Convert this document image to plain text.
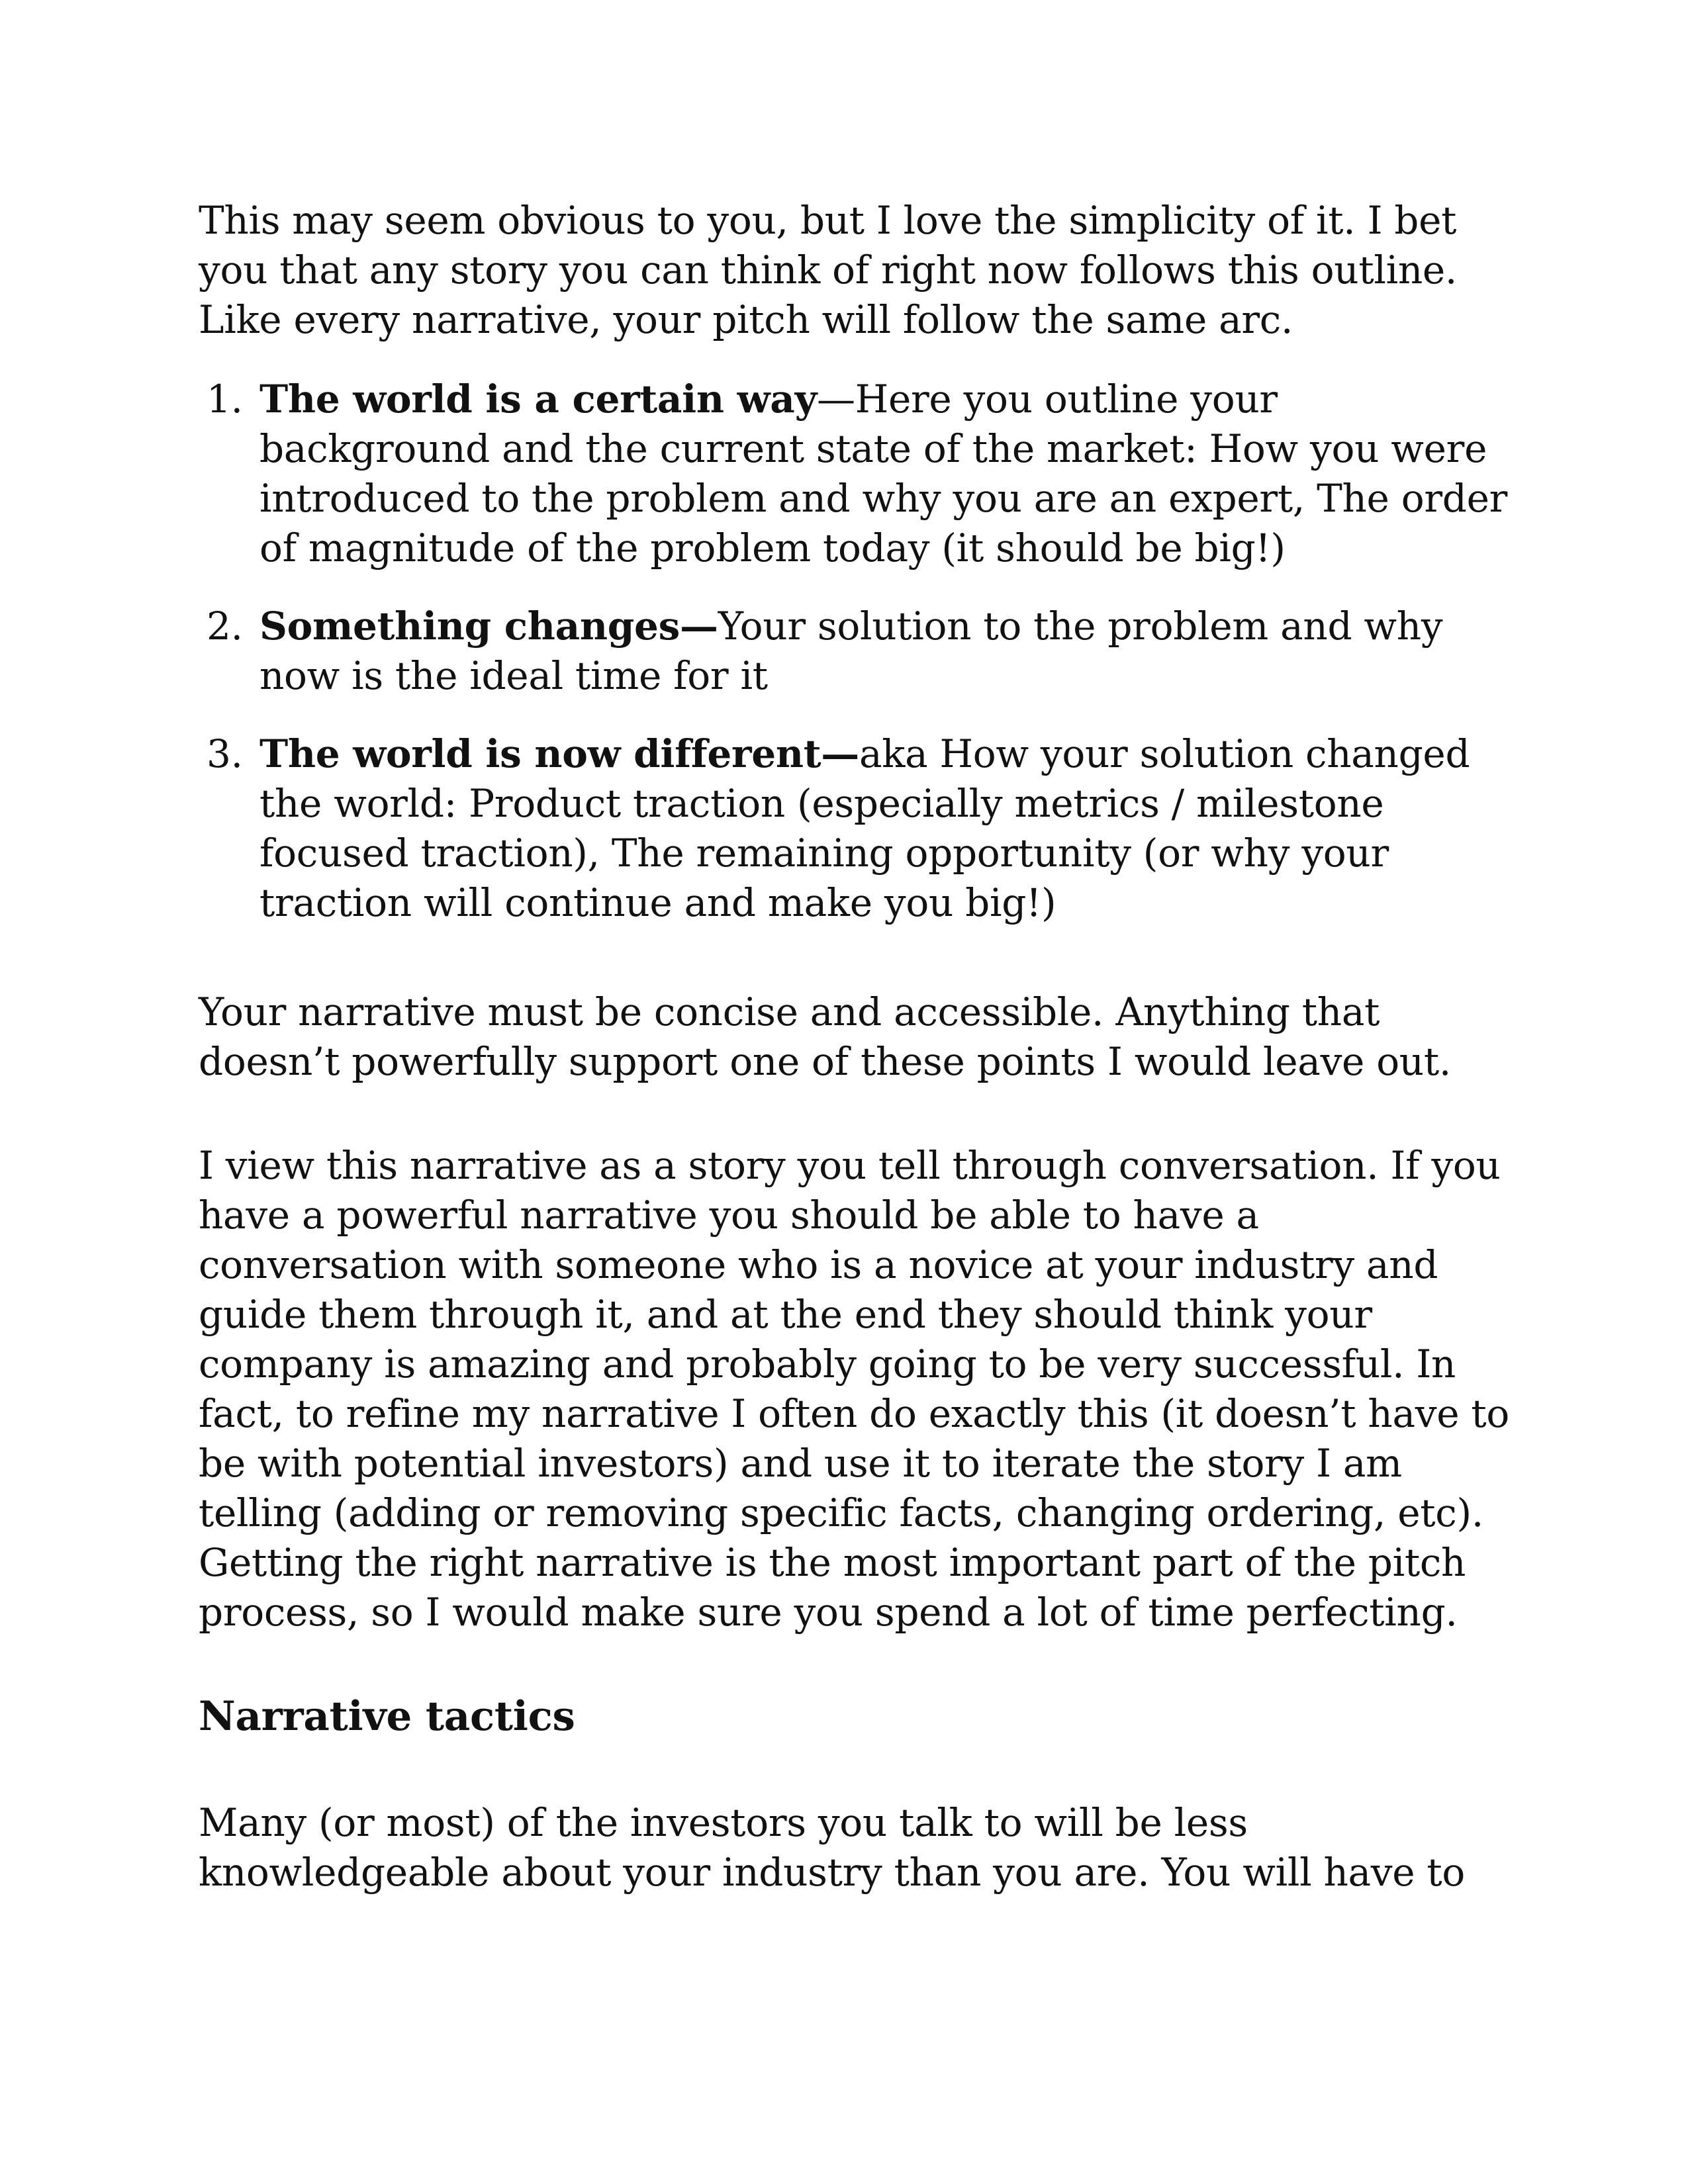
This may seem obvious to you, but I love the simplicity of it. I bet you that any story you can think of right now follows this outline. Like every narrative, your pitch will follow the same arc.

1. The world is a certain way—Here you outline your background and the current state of the market: How you were introduced to the problem and why you are an expert, The order of magnitude of the problem today (it should be big!)
2. Something changes—Your solution to the problem and why now is the ideal time for it
3. The world is now different—aka How your solution changed the world: Product traction (especially metrics / milestone focused traction), The remaining opportunity (or why your traction will continue and make you big!)

Your narrative must be concise and accessible. Anything that doesn’t powerfully support one of these points I would leave out.

I view this narrative as a story you tell through conversation. If you have a powerful narrative you should be able to have a conversation with someone who is a novice at your industry and guide them through it, and at the end they should think your company is amazing and probably going to be very successful. In fact, to refine my narrative I often do exactly this (it doesn’t have to be with potential investors) and use it to iterate the story I am telling (adding or removing specific facts, changing ordering, etc). Getting the right narrative is the most important part of the pitch process, so I would make sure you spend a lot of time perfecting.

Narrative tactics

Many (or most) of the investors you talk to will be less knowledgeable about your industry than you are. You will have to
